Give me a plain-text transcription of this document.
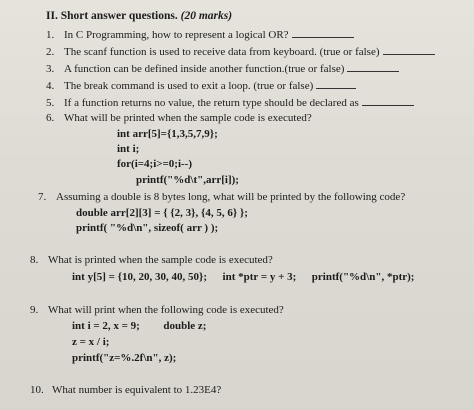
II. Short answer questions. (20 marks)
1. In C Programming, how to represent a logical OR?
2. The scanf function is used to receive data from keyboard. (true or false)
3. A function can be defined inside another function.(true or false)
4. The break command is used to exit a loop. (true or false)
5. If a function returns no value, the return type should be declared as
6. What will be printed when the sample code is executed?
int arr[5]={1,3,5,7,9};
int i;
for(i=4;i>=0;i--)
printf("%d\t",arr[i]);
7. Assuming a double is 8 bytes long, what will be printed by the following code?
double arr[2][3] = { {2, 3}, {4, 5, 6} };
printf( "%d\n", sizeof( arr ) );
8. What is printed when the sample code is executed?
int y[5] = {10, 20, 30, 40, 50}; int *ptr = y + 3; printf("%d\n", *ptr);
9. What will print when the following code is executed?
int i = 2, x = 9; double z;
z = x / i;
printf("z=%.2f\n", z);
10. What number is equivalent to 1.23E4?
